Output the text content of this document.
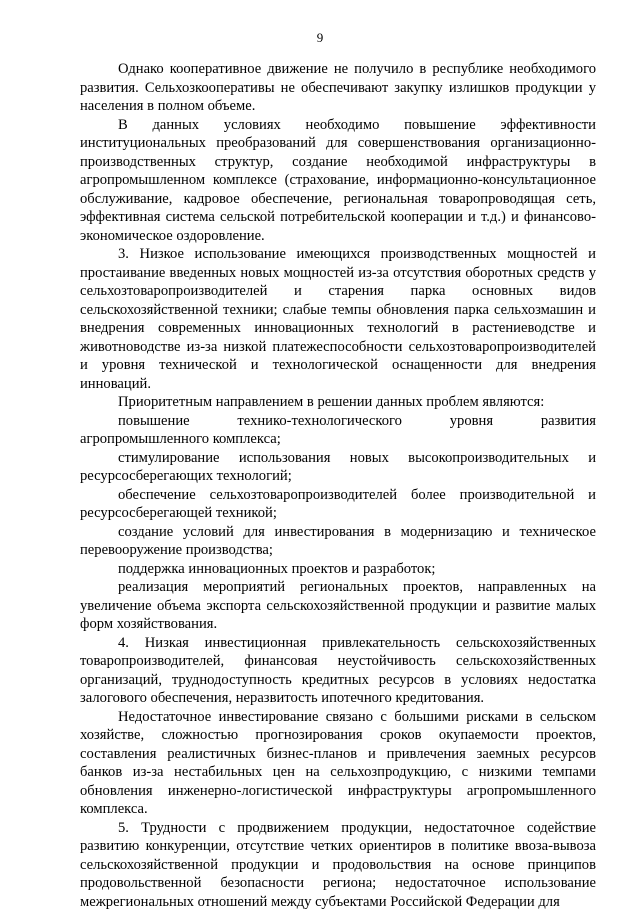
9

Однако кооперативное движение не получило в республике необходимого развития. Сельхозкооперативы не обеспечивают закупку излишков продукции у населения в полном объеме.

В данных условиях необходимо повышение эффективности институциональных преобразований для совершенствования организационно-производственных структур, создание необходимой инфраструктуры в агропромышленном комплексе (страхование, информационно-консультационное обслуживание, кадровое обеспечение, региональная товаропроводящая сеть, эффективная система сельской потребительской кооперации и т.д.) и финансово-экономическое оздоровление.

3. Низкое использование имеющихся производственных мощностей и простаивание введенных новых мощностей из-за отсутствия оборотных средств у сельхозтоваропроизводителей и старения парка основных видов сельскохозяйственной техники; слабые темпы обновления парка сельхозмашин и внедрения современных инновационных технологий в растениеводстве и животноводстве из-за низкой платежеспособности сельхозтоваропроизводителей и уровня технической и технологической оснащенности для внедрения инноваций.

Приоритетным направлением в решении данных проблем являются:

повышение технико-технологического уровня развития агропромышленного комплекса;

стимулирование использования новых высокопроизводительных и ресурсосберегающих технологий;

обеспечение сельхозтоваропроизводителей более производительной и ресурсосберегающей техникой;

создание условий для инвестирования в модернизацию и техническое перевооружение производства;

поддержка инновационных проектов и разработок;

реализация мероприятий региональных проектов, направленных на увеличение объема экспорта сельскохозяйственной продукции и развитие малых форм хозяйствования.

4. Низкая инвестиционная привлекательность сельскохозяйственных товаропроизводителей, финансовая неустойчивость сельскохозяйственных организаций, труднодоступность кредитных ресурсов в условиях недостатка залогового обеспечения, неразвитость ипотечного кредитования.

Недостаточное инвестирование связано с большими рисками в сельском хозяйстве, сложностью прогнозирования сроков окупаемости проектов, составления реалистичных бизнес-планов и привлечения заемных ресурсов банков из-за нестабильных цен на сельхозпродукцию, с низкими темпами обновления инженерно-логистической инфраструктуры агропромышленного комплекса.

5. Трудности с продвижением продукции, недостаточное содействие развитию конкуренции, отсутствие четких ориентиров в политике ввоза-вывоза сельскохозяйственной продукции и продовольствия на основе принципов продовольственной безопасности региона; недостаточное использование межрегиональных отношений между субъектами Российской Федерации для
